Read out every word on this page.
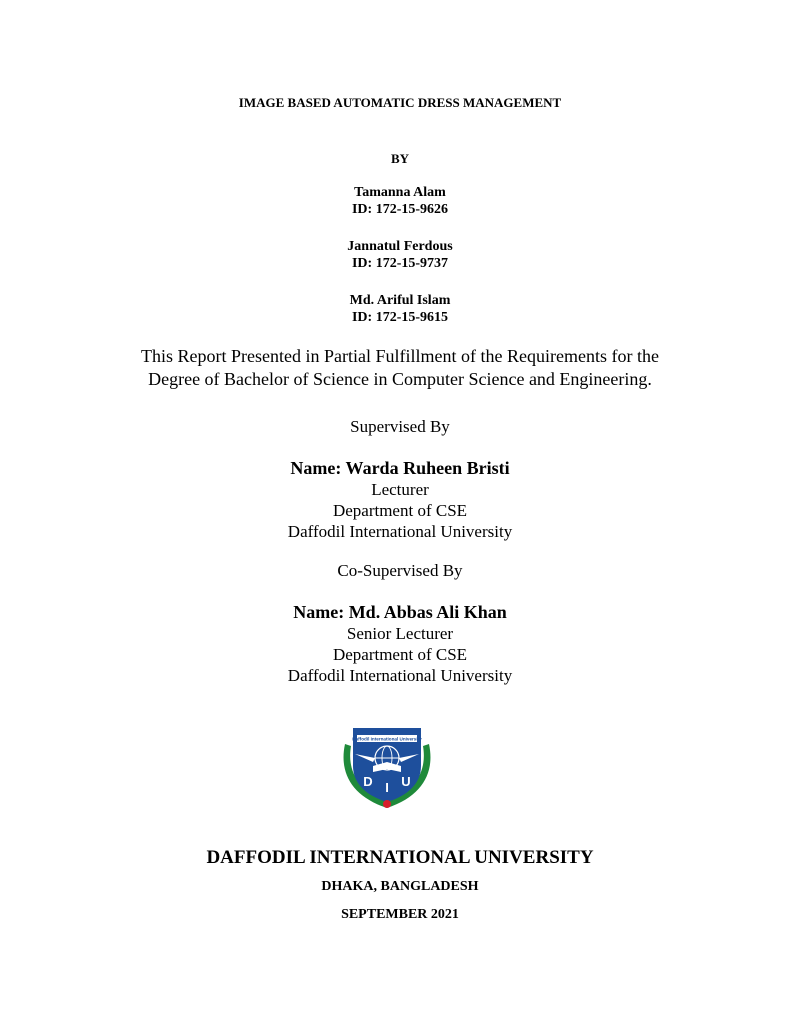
IMAGE BASED AUTOMATIC DRESS MANAGEMENT
BY
Tamanna Alam
ID: 172-15-9626
Jannatul Ferdous
ID: 172-15-9737
Md. Ariful Islam
ID: 172-15-9615
This Report Presented in Partial Fulfillment of the Requirements for the
Degree of Bachelor of Science in Computer Science and Engineering.
Supervised By
Name: Warda Ruheen Bristi
Lecturer
Department of CSE
Daffodil International University
Co-Supervised By
Name: Md. Abbas Ali Khan
Senior Lecturer
Department of CSE
Daffodil International University
Daffodil International University
D I U
DAFFODIL INTERNATIONAL UNIVERSITY
DHAKA, BANGLADESH
SEPTEMBER 2021
